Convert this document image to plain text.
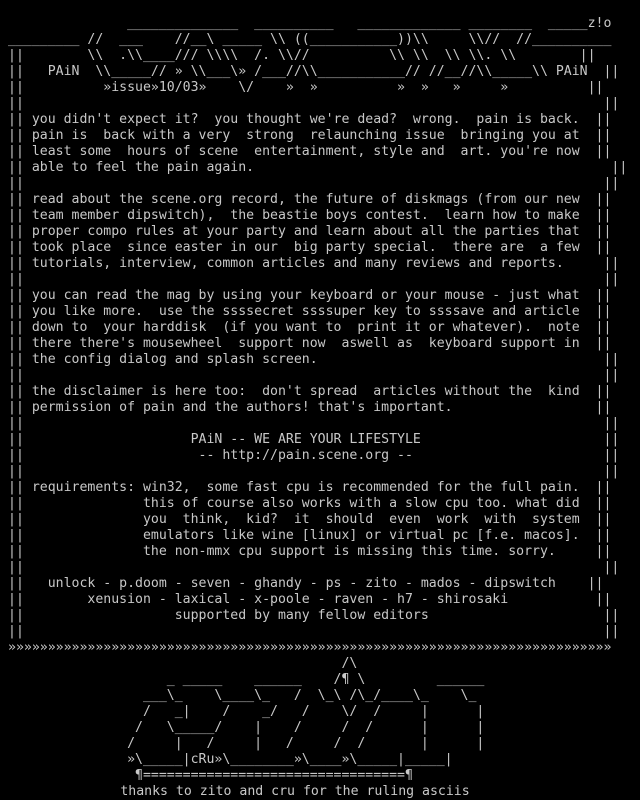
______________  __________   _____________ ________  _____z!o
_________ //  ___    //__\ _____ \\ ((___________))\\     \\//  //__________
||        \\  .\\____/// \\\\  /. \\//          \\ \\  \\ \\. \\        ||
||   PAiN  \\_____// » \\___\» /___//\\___________// //__//\\_____\\ PAiN  ||
||          »issue»10/03»    \/    »  »          »  »   »     »          ||
||                                                                         ||
|| you didn't expect it?  you thought we're dead?  wrong.  pain is back.  ||
|| pain is  back with a very  strong  relaunching issue  bringing you at  ||
|| least some  hours of scene  entertainment, style and  art. you're now  ||
|| able to feel the pain again.                                             ||
||                                                                         ||
|| read about the scene.org record, the future of diskmags (from our new  ||
|| team member dipswitch),  the beastie boys contest.  learn how to make  ||
|| proper compo rules at your party and learn about all the parties that  ||
|| took place  since easter in our  big party special.  there are  a few  ||
|| tutorials, interview, common articles and many reviews and reports.     ||
||                                                                         ||
|| you can read the mag by using your keyboard or your mouse - just what  ||
|| you like more.  use the ssssecret ssssuper key to ssssave and article  ||
|| down to  your harddisk  (if you want to  print it or whatever).  note  ||
|| there there's mousewheel  support now  aswell as  keyboard support in  ||
|| the config dialog and splash screen.                                    ||
||                                                                         ||
|| the disclaimer is here too:  don't spread  articles without the  kind  ||
|| permission of pain and the authors! that's important.                  ||
||                                                                         ||
||                     PAiN -- WE ARE YOUR LIFESTYLE                       ||
||                      -- http://pain.scene.org --                        ||
||                                                                         ||
|| requirements: win32,  some fast cpu is recommended for the full pain.  ||
||               this of course also works with a slow cpu too. what did  ||
||               you  think,  kid?  it  should  even  work  with  system  ||
||               emulators like wine [linux] or virtual pc [f.e. macos].  ||
||               the non-mmx cpu support is missing this time. sorry.     ||
||                                                                         ||
||   unlock - p.doom - seven - ghandy - ps - zito - mados - dipswitch    ||
||        xenusion - laxical - x-poole - raven - h7 - shirosaki           ||
||                   supported by many fellow editors                      ||
||                                                                         ||
»»»»»»»»»»»»»»»»»»»»»»»»»»»»»»»»»»»»»»»»»»»»»»»»»»»»»»»»»»»»»»»»»»»»»»»»»»»»
/\
_ _____    ______    /¶ \         ______
___\_    \____\_   /  \_\ /\_/____\_    \_
/   _|    /    _/   /    \/  /     |      |
/   \_____/    |    /     /  /      |      |
/     |   /     |   /     /  /       |      |
»\_____|cRu»\________»\____»\_____|_____|
¶=================================¶
thanks to zito and cru for the ruling asciis
